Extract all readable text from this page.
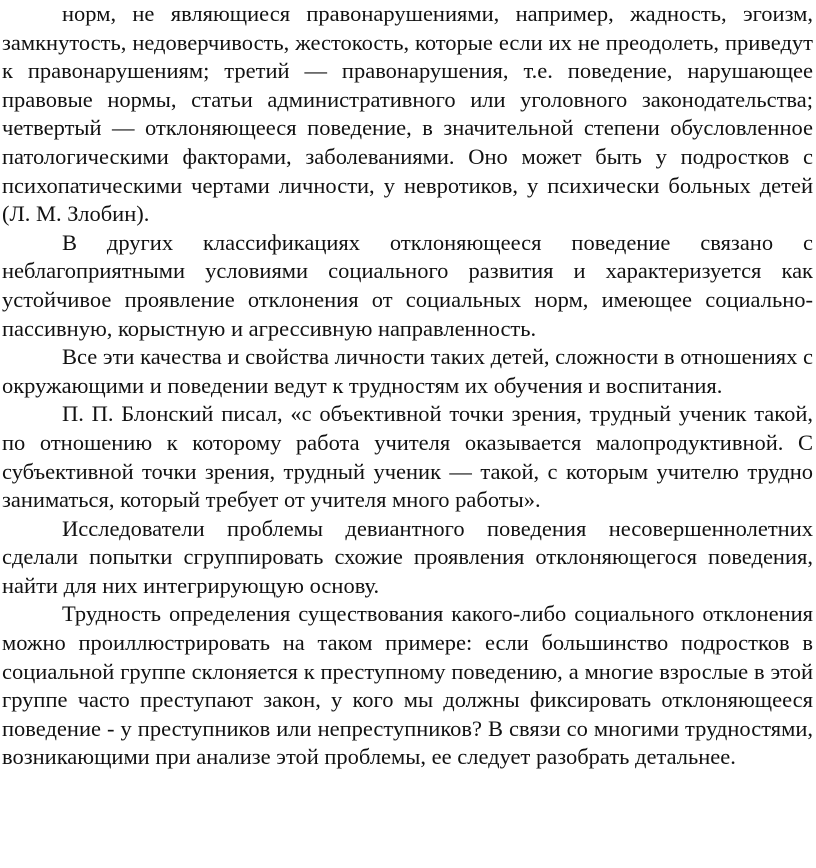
норм, не являющиеся правонарушениями, например, жадность, эгоизм, замкнутость, недоверчивость, жестокость, которые если их не преодолеть, приведут к правонарушениям; третий — правонарушения, т.е. поведение, нарушающее правовые нормы, статьи административного или уголовного законодательства; четвертый — отклоняющееся поведение, в значительной степени обусловленное патологическими факторами, заболеваниями. Оно может быть у подростков с психопатическими чертами личности, у невротиков, у психически больных детей (Л. М. Злобин).

В других классификациях отклоняющееся поведение связано с неблагоприятными условиями социального развития и характеризуется как устойчивое проявление отклонения от социальных норм, имеющее социально-пассивную, корыстную и агрессивную направленность.

Все эти качества и свойства личности таких детей, сложности в отношениях с окружающими и поведении ведут к трудностям их обучения и воспитания.

П. П. Блонский писал, «с объективной точки зрения, трудный ученик такой, по отношению к которому работа учителя оказывается малопродуктивной. С субъективной точки зрения, трудный ученик — такой, с которым учителю трудно заниматься, который требует от учителя много работы».

Исследователи проблемы девиантного поведения несовершеннолетних сделали попытки сгруппировать схожие проявления отклоняющегося поведения, найти для них интегрирующую основу.

Трудность определения существования какого-либо социального отклонения можно проиллюстрировать на таком примере: если большинство подростков в социальной группе склоняется к преступному поведению, а многие взрослые в этой группе часто преступают закон, у кого мы должны фиксировать отклоняющееся поведение - у преступников или непреступников? В связи со многими трудностями, возникающими при анализе этой проблемы, ее следует разобрать детальнее.
